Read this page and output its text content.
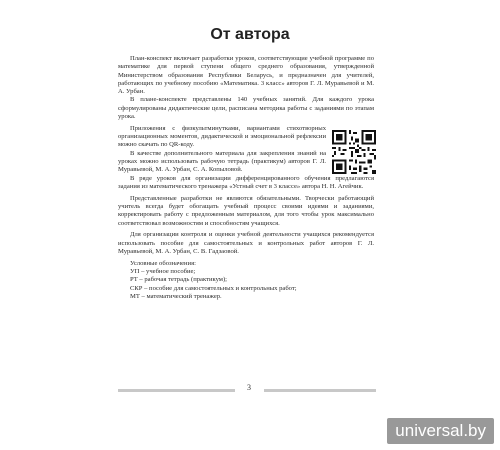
От автора

План-конспект включает разработки уроков, соответствующие учебной программе по математике для первой ступени общего среднего образования, утвержденной Министерством образования Республики Беларусь, и предназначен для учителей, работающих по учебному пособию «Математика. 3 класс» авторов Г. Л. Муравьевой и М. А. Урбан.

В плане-конспекте представлены 140 учебных занятий. Для каждого урока сформулированы дидактические цели, расписана методика работы с заданиями по этапам урока.

Приложения с физкультминутками, вариантами стихотворных организационных моментов, дидактической и эмоциональной рефлексии можно скачать по QR-коду.

В качестве дополнительного материала для закрепления знаний на уроках можно использовать рабочую тетрадь (практикум) авторов Г. Л. Муравьевой, М. А. Урбан, С. А. Копыловой.

В ряде уроков для организации дифференцированного обучения предлагаются задания из математического тренажера «Устный счет в 3 классе» автора Н. Н. Агейчик.

Представленные разработки не являются обязательными. Творчески работающий учитель всегда будет обогащать учебный процесс своими идеями и заданиями, корректировать работу с предложенным материалом, для того чтобы урок максимально соответствовал возможностям и способностям учащихся.

Для организации контроля и оценки учебной деятельности учащихся рекомендуется использовать пособие для самостоятельных и контрольных работ авторов Г. Л. Муравьевой, М. А. Урбан, С. В. Гадзаовой.

Условные обозначения:
УП – учебное пособие;
РТ – рабочая тетрадь (практикум);
СКР – пособие для самостоятельных и контрольных работ;
МТ – математический тренажер.
3
universal.by
